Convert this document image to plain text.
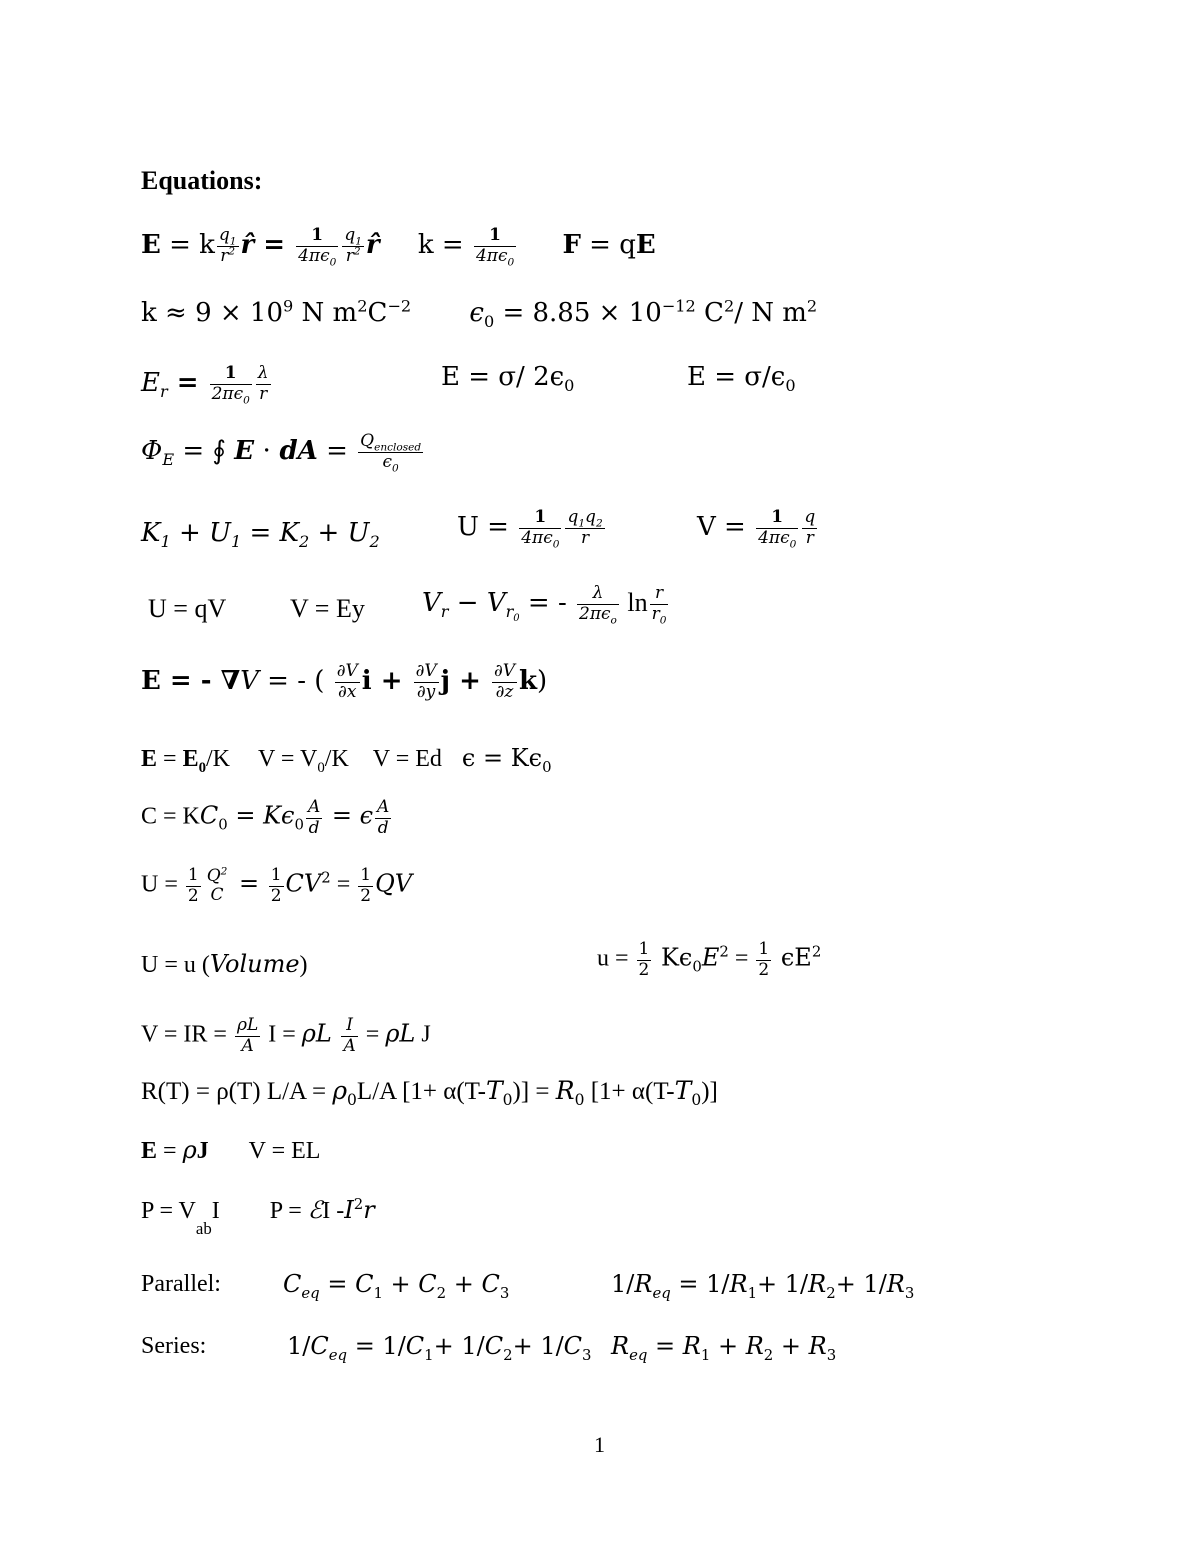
Equations:
E = k $\frac{q_1}{r^2}$ r̂ = $\frac{1}{4\pi\epsilon_0} \frac{q_1}{r^2}$ r̂ $k = \frac{1}{4\pi\epsilon_0}$ F = qE
$k \approx 9 \times 10^9$ N $m^2C^{-2}$ $\epsilon_0 = 8.85 \times 10^{-12}$ $C^2/$ N $m^2$
$E_r = \frac{1}{2\pi\epsilon_0} \frac{\lambda}{r}$	E = σ/ $2\epsilon_0$	$E = \sigma/\epsilon_0$
$\Phi_E$ = ∮ E ⋅ dA = $\frac{Q_{enclosed}}{\epsilon_0}$
$K_1 + U_1 = K_2 + U_2$	$U = \frac{1}{4\pi\epsilon_0} \frac{q_1q_2}{r}$	$V = \frac{1}{4\pi\epsilon_0} \frac{q}{r}$
U = qV V = Ey $V_r - V_{r_0}$ = - $\frac{\lambda}{2\pi\epsilon_o}$ $\ln \frac{r}{r_0}$
E = - ∇V = - ( $\frac{\partial V}{\partial x}$ $i + \frac{\partial V}{\partial y}$ $j + \frac{\partial V}{\partial z} k$)
$E = E_0/K$ $V = V_0/K$ V = Ed $\epsilon = K\epsilon_0$
$C = KC_0 = K\epsilon_0 \frac{A}{d} = \epsilon \frac{A}{d}$
$U = \frac{1}{2} Q^2$
$C = \frac{1}{2} CV^2 = \frac{1}{2}$ QV
U = u (Volume)	$u = \frac{1}{2} K\epsilon_0E^2 = \frac{1}{2} \epsilon E^2$
V = IR = $\frac{\rho L}{A}$ I = ρL $\frac{I}{A} = \rho L$ J
R(T) = ρ(T) $L/A = \rho_0L/A$ $[1+ \alpha(T-T_0)] = R_0$ $[1+ \alpha(T-T_0)]$
E = ρJ V = EL
$P = V_{ab}I$ P = ℰI $-I^2r$
Parallel:	$C_{eq} = C_1 + C_2 + C_3$	$1/R_{eq} = 1/R_1+ 1/R_2+ 1/R_3$
Series:	$1/C_{eq} = 1/C_1+ 1/C_2+ 1/C_3$ $R_{eq} = R_1 + R_2 + R_3$
1
